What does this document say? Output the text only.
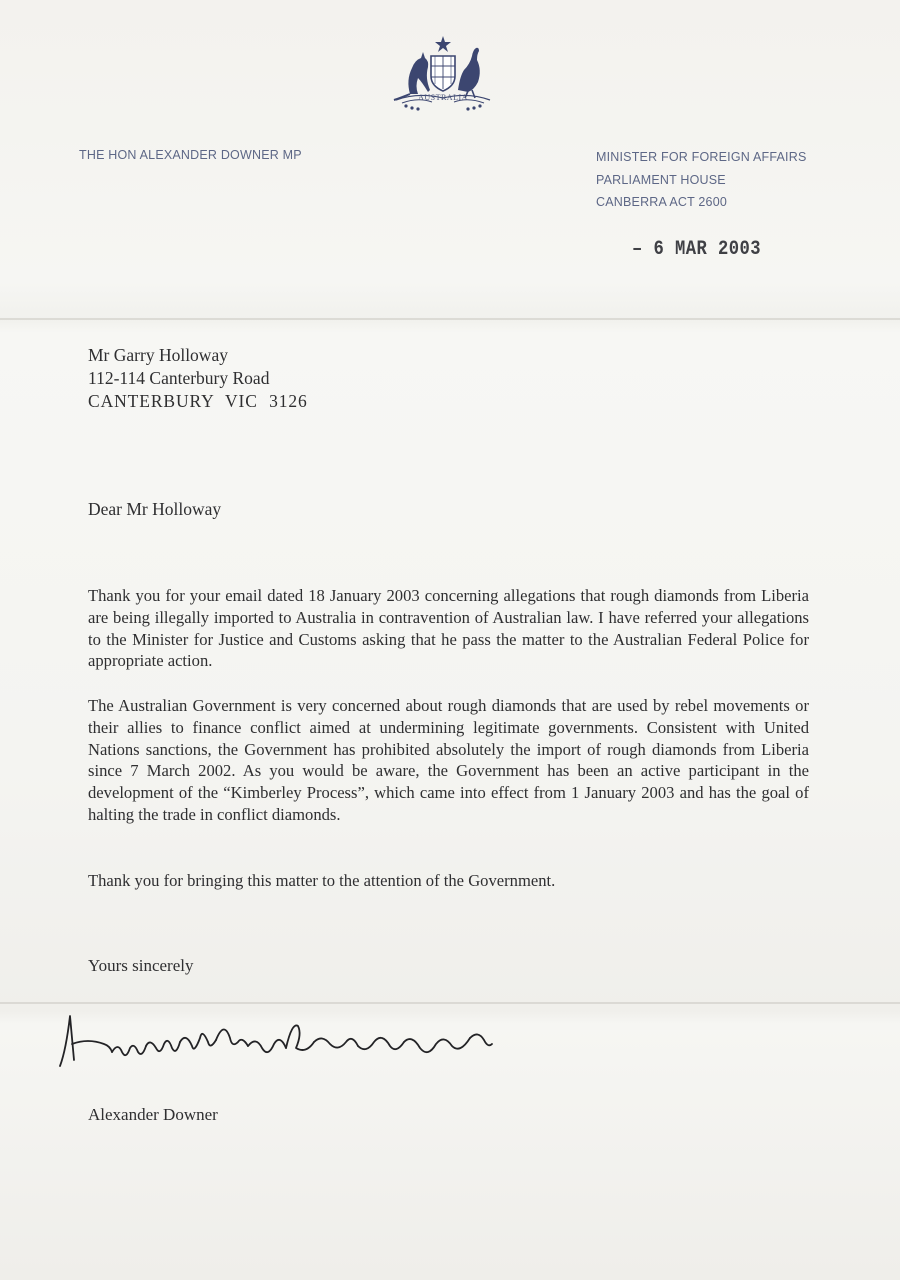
AUSTRALIA
THE HON ALEXANDER DOWNER MP	MINISTER FOR FOREIGN AFFAIRS
PARLIAMENT HOUSE
CANBERRA ACT 2600
– 6 MAR 2003
Mr Garry Holloway
112-114 Canterbury Road
CANTERBURY VIC 3126
Dear Mr Holloway
Thank you for your email dated 18 January 2003 concerning allegations that rough diamonds from Liberia are being illegally imported to Australia in contravention of Australian law. I have referred your allegations to the Minister for Justice and Customs asking that he pass the matter to the Australian Federal Police for appropriate action.
The Australian Government is very concerned about rough diamonds that are used by rebel movements or their allies to finance conflict aimed at undermining legitimate governments. Consistent with United Nations sanctions, the Government has prohibited absolutely the import of rough diamonds from Liberia since 7 March 2002. As you would be aware, the Government has been an active participant in the development of the “Kimberley Process”, which came into effect from 1 January 2003 and has the goal of halting the trade in conflict diamonds.
Thank you for bringing this matter to the attention of the Government.
Yours sincerely
Alexander Downer
